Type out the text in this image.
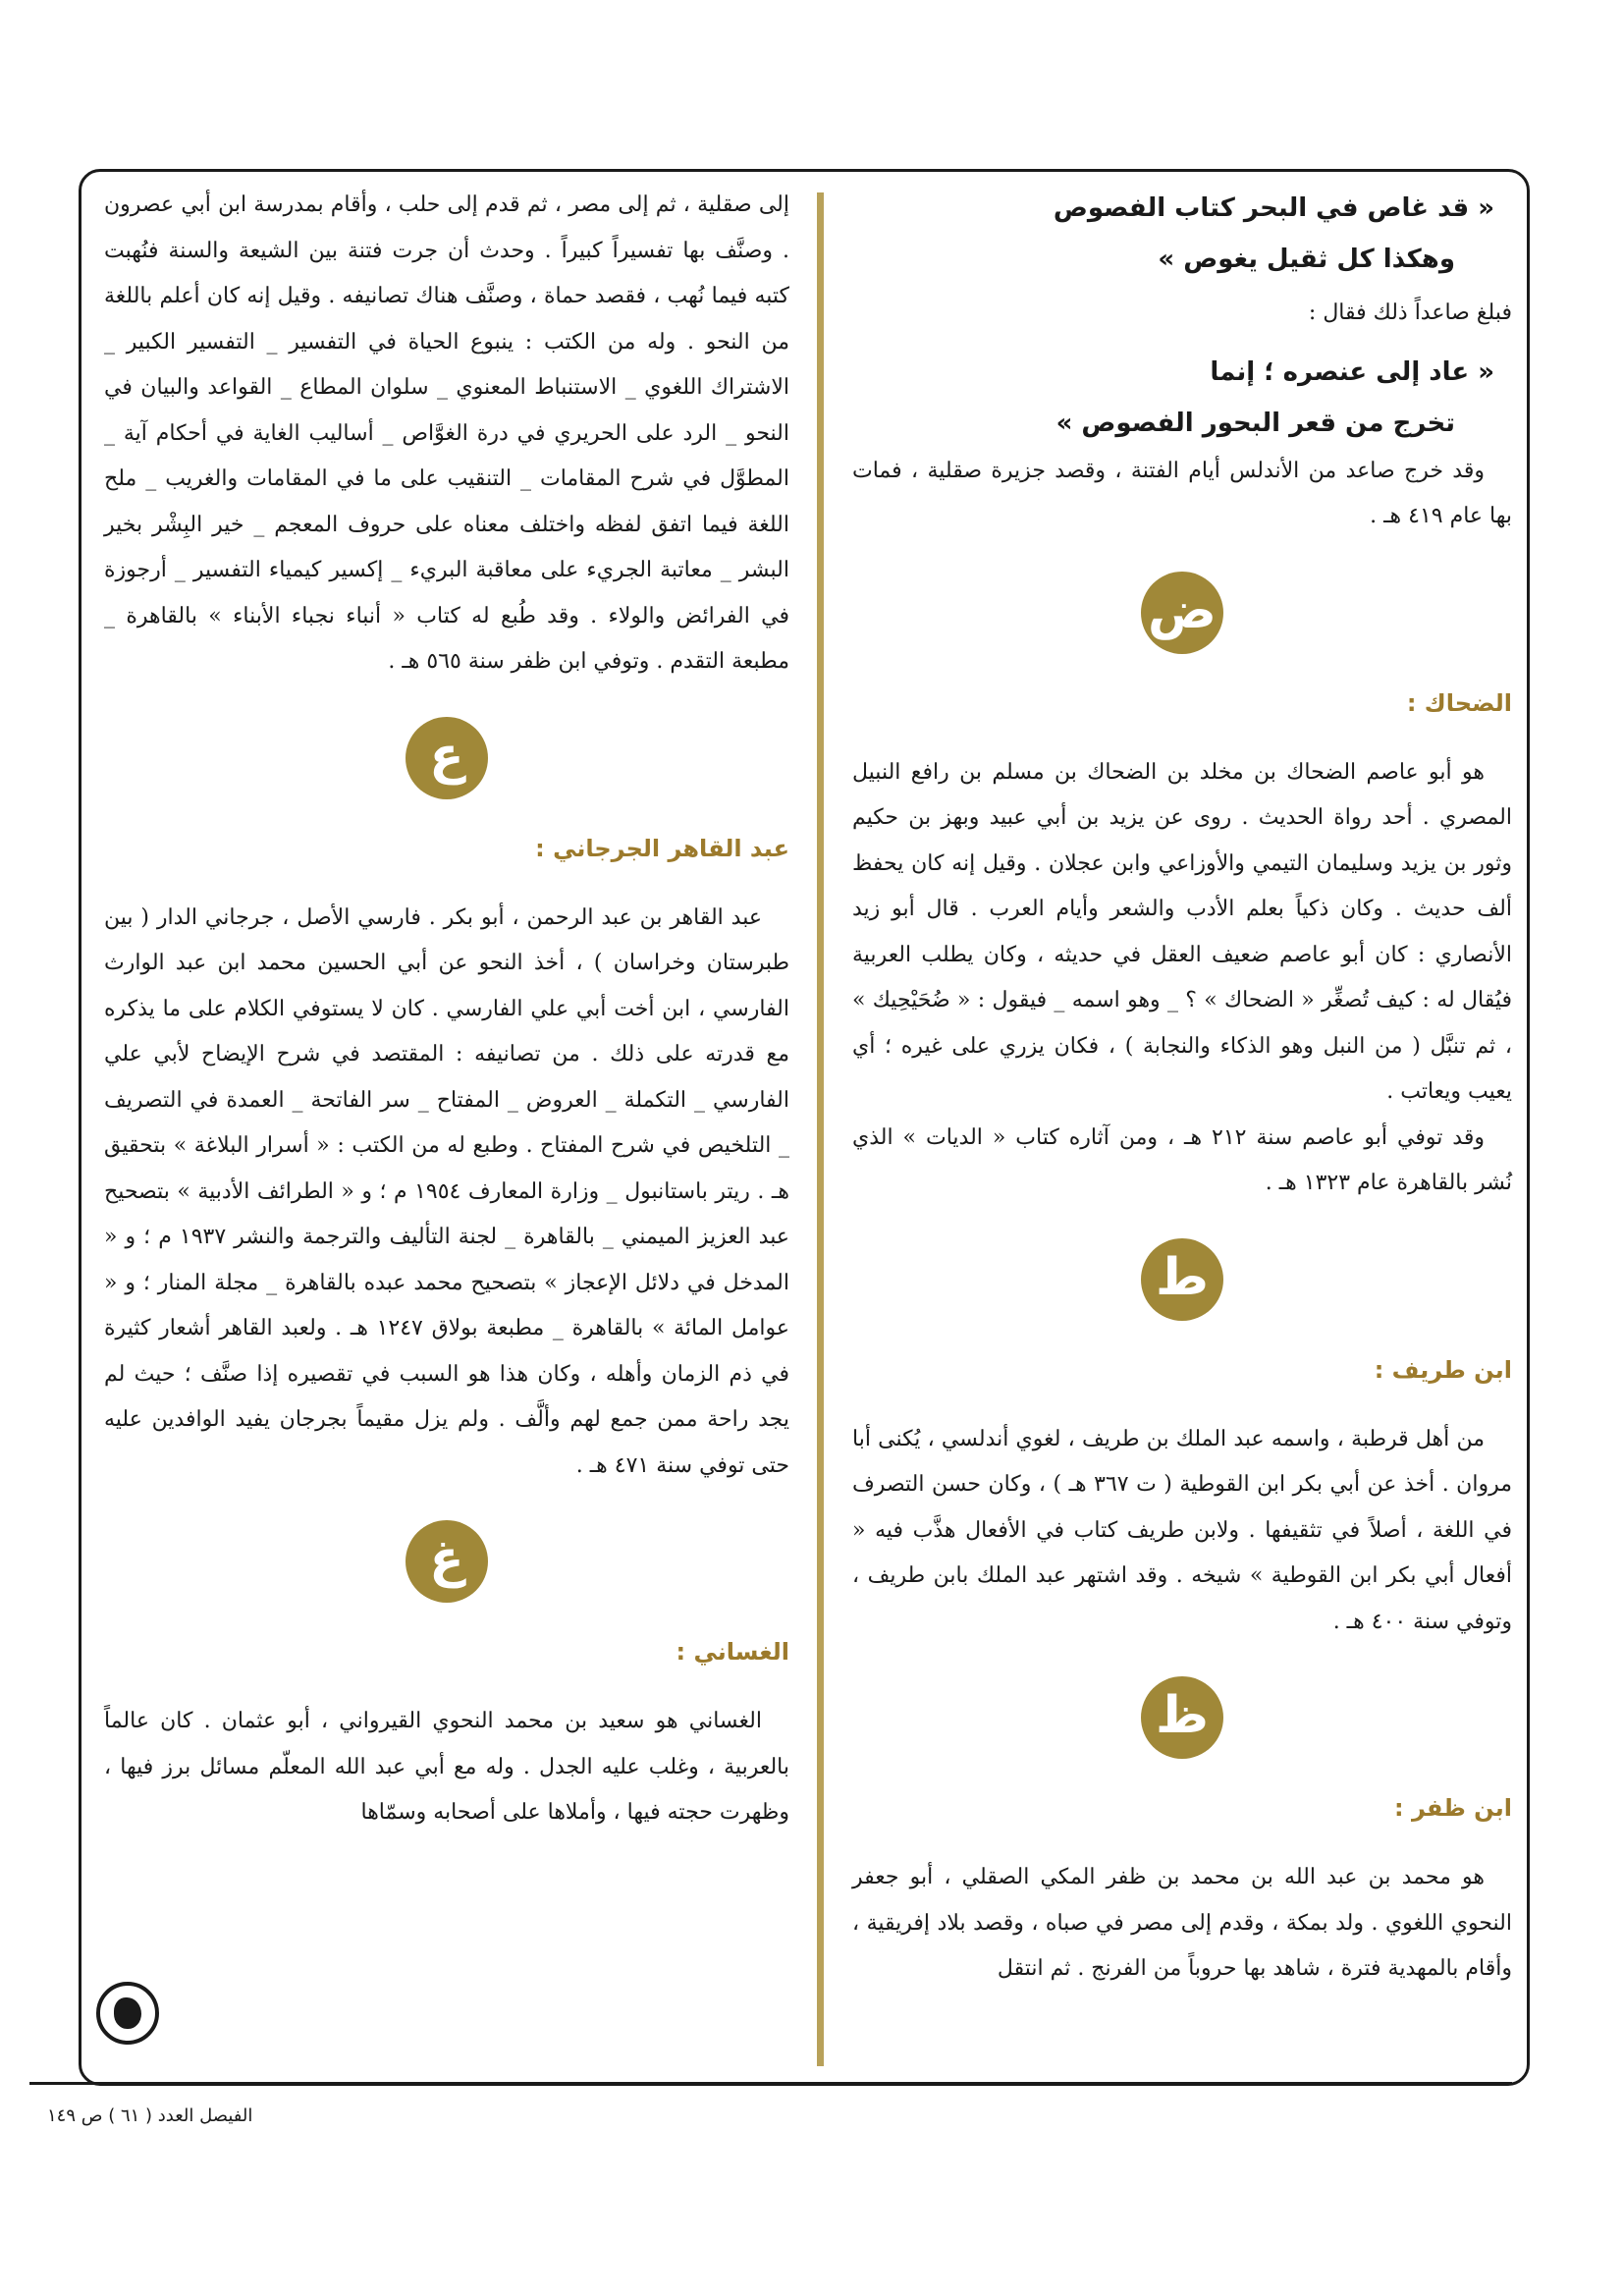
« قد غاص في البحر كتاب الفصوص
وهكذا كل ثقيل يغوص »

فبلغ صاعداً ذلك فقال :

« عاد إلى عنصره ؛ إنما
تخرج من قعر البحور الفصوص »

وقد خرج صاعد من الأندلس أيام الفتنة ، وقصد جزيرة صقلية ، فمات بها عام ٤١٩ هـ .

ض

الضحاك :

هو أبو عاصم الضحاك بن مخلد بن الضحاك بن مسلم بن رافع النبيل المصري . أحد رواة الحديث . روى عن يزيد بن أبي عبيد وبهز بن حكيم وثور بن يزيد وسليمان التيمي والأوزاعي وابن عجلان . وقيل إنه كان يحفظ ألف حديث . وكان ذكياً بعلم الأدب والشعر وأيام العرب . قال أبو زيد الأنصاري : كان أبو عاصم ضعيف العقل في حديثه ، وكان يطلب العربية فيُقال له : كيف تُصغِّر « الضحاك » ؟ _ وهو اسمه _ فيقول : « ضُحَيْحِيك » ، ثم تنبَّل ( من النبل وهو الذكاء والنجابة ) ، فكان يزري على غيره ؛ أي يعيب ويعاتب .

وقد توفي أبو عاصم سنة ٢١٢ هـ ، ومن آثاره كتاب « الديات » الذي نُشر بالقاهرة عام ١٣٢٣ هـ .

ط

ابن طريف :

من أهل قرطبة ، واسمه عبد الملك بن طريف ، لغوي أندلسي ، يُكنى أبا مروان . أخذ عن أبي بكر ابن القوطية ( ت ٣٦٧ هـ ) ، وكان حسن التصرف في اللغة ، أصلاً في تثقيفها . ولابن طريف كتاب في الأفعال هذَّب فيه « أفعال أبي بكر ابن القوطية » شيخه . وقد اشتهر عبد الملك بابن طريف ، وتوفي سنة ٤٠٠ هـ .

ظ

ابن ظفر :

هو محمد بن عبد الله بن محمد بن ظفر المكي الصقلي ، أبو جعفر النحوي اللغوي . ولد بمكة ، وقدم إلى مصر في صباه ، وقصد بلاد إفريقية ، وأقام بالمهدية فترة ، شاهد بها حروباً من الفرنج . ثم انتقل

إلى صقلية ، ثم إلى مصر ، ثم قدم إلى حلب ، وأقام بمدرسة ابن أبي عصرون . وصنَّف بها تفسيراً كبيراً . وحدث أن جرت فتنة بين الشيعة والسنة فنُهبت كتبه فيما نُهب ، فقصد حماة ، وصنَّف هناك تصانيفه . وقيل إنه كان أعلم باللغة من النحو . وله من الكتب : ينبوع الحياة في التفسير _ التفسير الكبير _ الاشتراك اللغوي _ الاستنباط المعنوي _ سلوان المطاع _ القواعد والبيان في النحو _ الرد على الحريري في درة الغوَّاص _ أساليب الغاية في أحكام آية _ المطوَّل في شرح المقامات _ التنقيب على ما في المقامات والغريب _ ملح اللغة فيما اتفق لفظه واختلف معناه على حروف المعجم _ خير البِشْر بخير البشر _ معاتبة الجريء على معاقبة البريء _ إكسير كيمياء التفسير _ أرجوزة في الفرائض والولاء . وقد طُبع له كتاب « أنباء نجباء الأبناء » بالقاهرة _ مطبعة التقدم . وتوفي ابن ظفر سنة ٥٦٥ هـ .

ع

عبد القاهر الجرجاني :

عبد القاهر بن عبد الرحمن ، أبو بكر . فارسي الأصل ، جرجاني الدار ( بين طبرستان وخراسان ) ، أخذ النحو عن أبي الحسين محمد ابن عبد الوارث الفارسي ، ابن أخت أبي علي الفارسي . كان لا يستوفي الكلام على ما يذكره مع قدرته على ذلك . من تصانيفه : المقتصد في شرح الإيضاح لأبي علي الفارسي _ التكملة _ العروض _ المفتاح _ سر الفاتحة _ العمدة في التصريف _ التلخيص في شرح المفتاح . وطبع له من الكتب : « أسرار البلاغة » بتحقيق هـ . ريتر باستانبول _ وزارة المعارف ١٩٥٤ م ؛ و « الطرائف الأدبية » بتصحيح عبد العزيز الميمني _ بالقاهرة _ لجنة التأليف والترجمة والنشر ١٩٣٧ م ؛ و « المدخل في دلائل الإعجاز » بتصحيح محمد عبده بالقاهرة _ مجلة المنار ؛ و « عوامل المائة » بالقاهرة _ مطبعة بولاق ١٢٤٧ هـ . ولعبد القاهر أشعار كثيرة في ذم الزمان وأهله ، وكان هذا هو السبب في تقصيره إذا صنَّف ؛ حيث لم يجد راحة ممن جمع لهم وألَّف . ولم يزل مقيماً بجرجان يفيد الوافدين عليه حتى توفي سنة ٤٧١ هـ .

غ

الغساني :

الغساني هو سعيد بن محمد النحوي القيرواني ، أبو عثمان . كان عالماً بالعربية ، وغلب عليه الجدل . وله مع أبي عبد الله المعلّم مسائل برز فيها ، وظهرت حجته فيها ، وأملاها على أصحابه وسمّاها

الفيصل العدد ( ٦١ ) ص ١٤٩
